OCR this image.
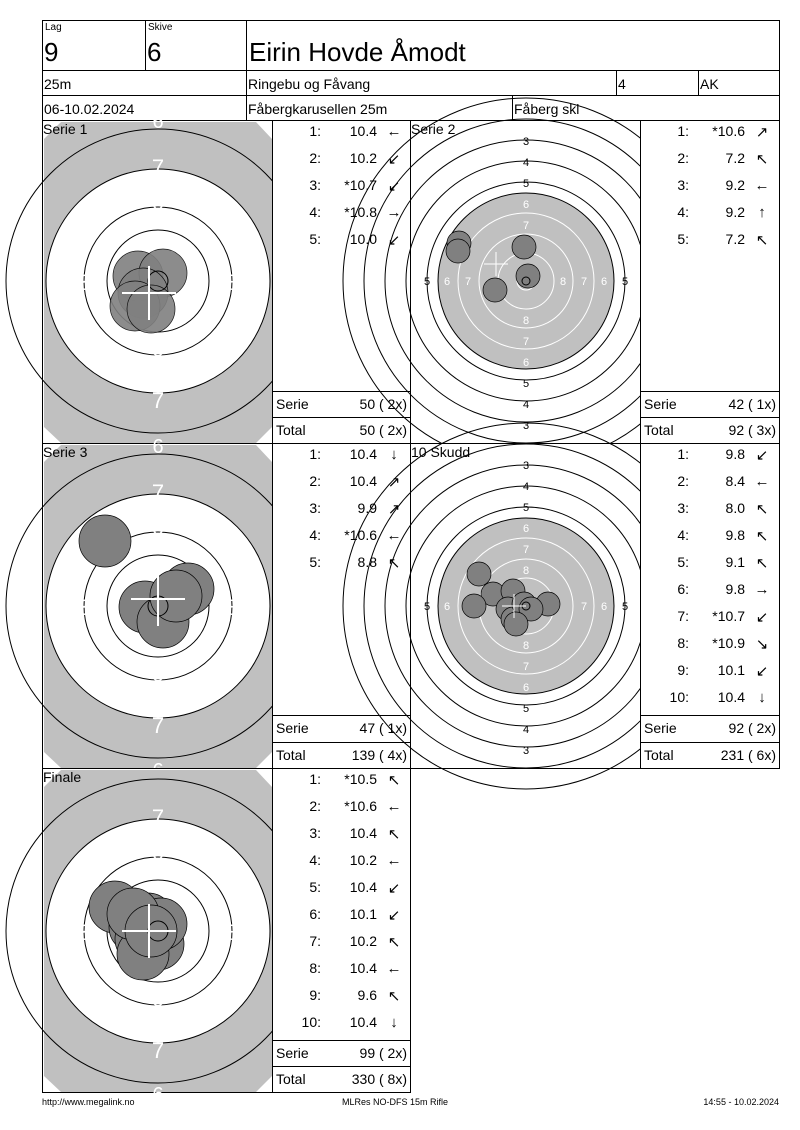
Lag
9
Skive
6	Eirin Hovde Åmodt
25m	Ringebu og Fåvang	4	AK
06-10.02.2024	Fåbergkarusellen 25m	Fåberg skl
Serie 1	6
7
8
8	8
8
7
1: 10.4 ←
2: 10.2 ↙
3: *10.7 ↙
4: *10.8 →
5: 10.0 ↙
Serie	50 ( 2x)
Total	50 ( 2x)
Serie 2
3
4
5
6
7
8
7
6
5
4
3
5 6 7	8 7 6 5
1: *10.6 ↗
2:	7.2 ↖
3:	9.2 ←
4:	9.2 ↑
5:	7.2 ↖
Serie	42 ( 1x)
Total	92 ( 3x)
Serie 3	6
7
8
8	8
8
7
1: 10.4 ↓
2: 10.4 ↗
3:	9.9 ↗
4: *10.6 ←
5:	8.8 ↖
Serie	47 ( 1x)
Total	139 ( 4x)
10 Skudd
3
4
5
6
7
8
8
7
6
5
4
3
5 6	7 6 5
1:	9.8 ↙
2:	8.4 ←
3:	8.0 ↖
4:	9.8 ↖
5:	9.1 ↖
6:	9.8 →
7: *10.7 ↙
8: *10.9 ↘
9: 10.1 ↙
10: 10.4 ↓
Serie	92 ( 2x)
Total	231 ( 6x)
Finale
7
8
8	8
8
7
6
1: *10.5 ↖
2: *10.6 ←
3: 10.4 ↖
4: 10.2 ←
5: 10.4 ↙
6: 10.1 ↙
7: 10.2 ↖
8: 10.4 ←
9:	9.6 ↖
10: 10.4 ↓
Serie	99 ( 2x)
Total	330 ( 8x)
http://www.megalink.no	MLRes NO-DFS 15m Rifle	14:55 - 10.02.2024
